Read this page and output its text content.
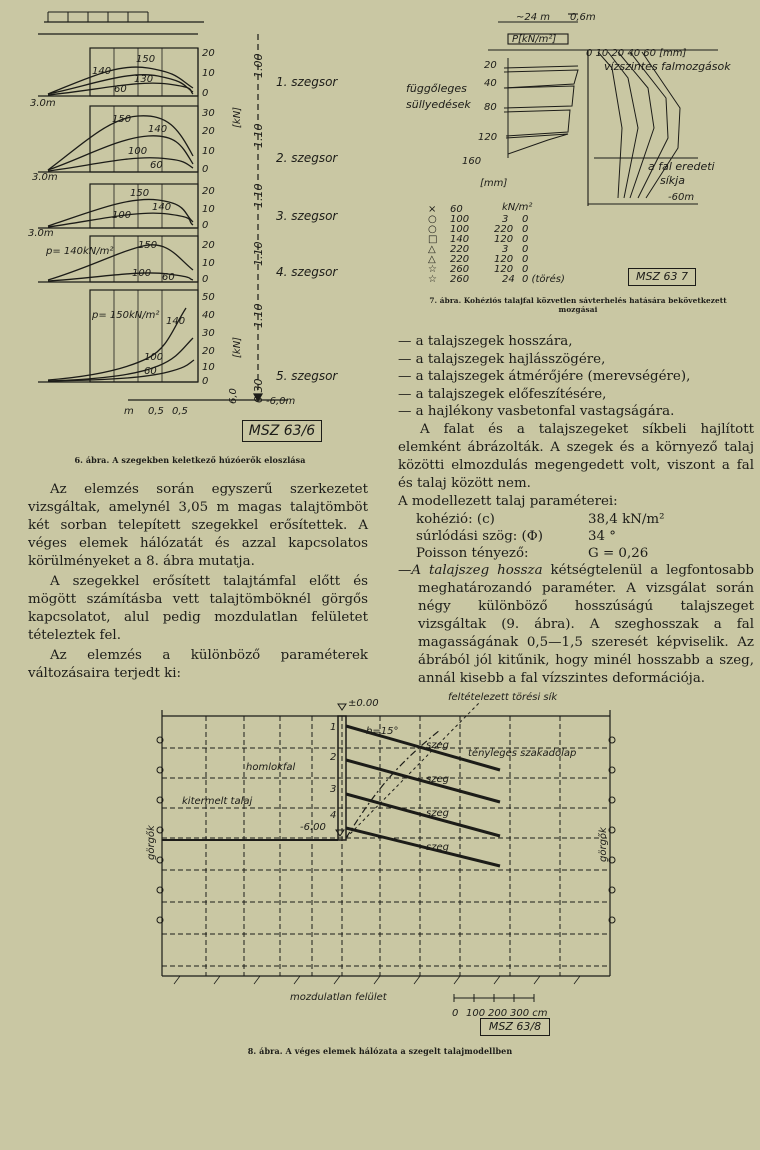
1.00
1.10
1.10
1.10
1.10
0.30
1. szegsor
2. szegsor
3. szegsor
4. szegsor
5. szegsor
[kN]
[kN]
20
10
0
30
20
10
0
20
10
0
20
10
0
50
40
30
20
10
0
3.0m
3.0m
3.0m
p= 140kN/m²
p= 150kN/m²
150
140
130
60
150
140
100
60
150
140
100
150
100 60
140
100
60
m 0,5 0,5
-6,0m
6,0
MSZ 63/6
6. ábra. A szegekben keletkező húzóerők eloszlása
~24 m 0,6m
P[kN/m²]
0 10 20 40 60 [mm]
vízszintes falmozgások
függőleges
süllyedések
20
40
80
120
160
[mm]
a fal eredeti
síkja
-60m
kN/m²
× 60
○ 100	3 0
○ 100 220 0
□ 140 120 0
△ 220	3 0
△ 220 120 0
☆ 260 120 0
☆ 260	24 0 (törés)	MSZ 63 7
7. ábra. Kohéziós talajfal közvetlen sávterhelés hatására bekövetkezett
mozgásai
Az elemzés során egyszerű szerkezetet vizsgáltak, amelynél 3,05 m magas talajtömböt két sorban telepített szegekkel erősítettek. A véges elemek hálózatát és azzal kapcsolatos körülményeket a 8. ábra mutatja.
A szegekkel erősített talajtámfal előtt és mögött számításba vett talajtömböknél görgős kapcsolatot, alul pedig mozdulatlan felületet tételeztek fel.
Az elemzés a különböző paraméterek változásaira terjedt ki:
— a talajszegek hosszára,
— a talajszegek hajlásszögére,
— a talajszegek átmérőjére (merevségére),
— a talajszegek előfeszítésére,
— a hajlékony vasbetonfal vastagságára.
A falat és a talajszegeket síkbeli hajlított elemként ábrázolták. A szegek és a környező talaj közötti elmozdulás megengedett volt, viszont a fal és talaj között nem.
A modellezett talaj paraméterei:
kohézió: (c)	38,4 kN/m²
súrlódási szög: (Φ)	34 °
Poisson tényező:	G = 0,26
—A talajszeg hossza kétségtelenül a legfontosabb meghatározandó paraméter. A vizsgálat során négy különböző hosszúságú talajszeget vizsgáltak (9. ábra). A szeghosszak a fal magasságának 0,5—1,5 szeresét képviselik. Az ábrából jól kitűnik, hogy minél hosszabb a szeg, annál kisebb a fal vízszintes deformációja.
feltételezett törési sík
±0.00
-6.00
b=15°
1
2
3
4
szeg
szeg
szeg
szeg
tényleges szakadólap
homlokfal
kitermelt talaj
görgők	görgők
mozdulatlan felület
0 100 200 300 cm
MSZ 63/8
8. ábra. A véges elemek hálózata a szegelt talajmodellben
